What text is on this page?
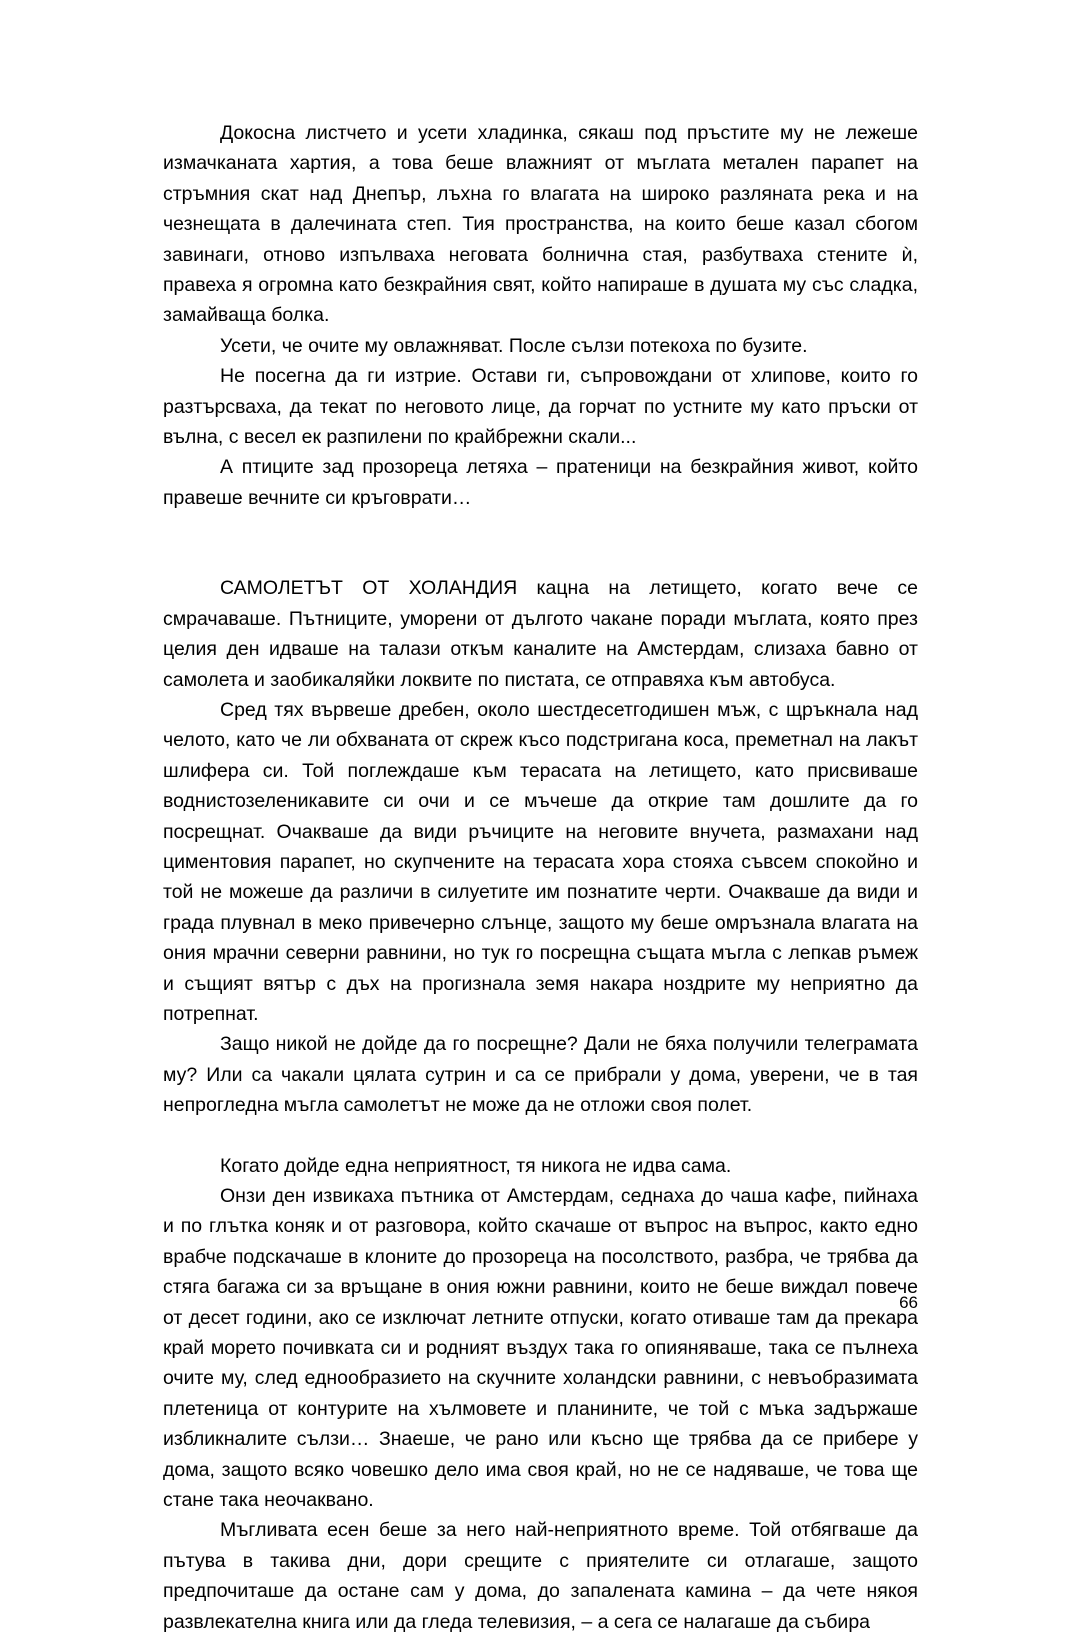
Докосна листчето и усети хладинка, сякаш под пръстите му не лежеше измачканата хартия, а това беше влажният от мъглата метален парапет на стръмния скат над Днепър, лъхна го влагата на широко разляната река и на чезнещата в далечината степ. Тия пространства, на които беше казал сбогом завинаги, отново изпълваха неговата болнична стая, разбутваха стените ѝ, правеха я огромна като безкрайния свят, който напираше в душата му със сладка, замайваща болка.

Усети, че очите му овлажняват. После сълзи потекоха по бузите.

Не посегна да ги изтрие. Остави ги, съпровождани от хлипове, които го разтърсваха, да текат по неговото лице, да горчат по устните му като пръски от вълна, с весел ек разпилени по крайбрежни скали...

А птиците зад прозореца летяха – пратеници на безкрайния живот, който правеше вечните си кръговрати…

САМОЛЕТЪТ ОТ ХОЛАНДИЯ кацна на летището, когато вече се смрачаваше. Пътниците, уморени от дългото чакане поради мъглата, която през целия ден идваше на талази откъм каналите на Амстердам, слизаха бавно от самолета и заобикаляйки локвите по пистата, се отправяха към автобуса.

Сред тях вървеше дребен, около шестдесетгодишен мъж, с щръкнала над челото, като че ли обхваната от скреж късо подстригана коса, преметнал на лакът шлифера си. Той поглеждаше към терасата на летището, като присвиваше воднистозеленикавите си очи и се мъчеше да открие там дошлите да го посрещнат. Очакваше да види ръчиците на неговите внучета, размахани над циментовия парапет, но скупчените на терасата хора стояха съвсем спокойно и той не можеше да различи в силуетите им познатите черти. Очакваше да види и града плувнал в меко привечерно слънце, защото му беше омръзнала влагата на ония мрачни северни равнини, но тук го посрещна същата мъгла с лепкав ръмеж и същият вятър с дъх на прогизнала земя накара ноздрите му неприятно да потрепнат.

Защо никой не дойде да го посрещне? Дали не бяха получили телеграмата му? Или са чакали цялата сутрин и са се прибрали у дома, уверени, че в тая непрогледна мъгла самолетът не може да не отложи своя полет.

Когато дойде една неприятност, тя никога не идва сама.

Онзи ден извикаха пътника от Амстердам, седнаха до чаша кафе, пийнаха и по глътка коняк и от разговора, който скачаше от въпрос на въпрос, както едно врабче подскачаше в клоните до прозореца на посолството, разбра, че трябва да стяга багажа си за връщане в ония южни равнини, които не беше виждал повече от десет години, ако се изключат летните отпуски, когато отиваше там да прекара край морето почивката си и родният въздух така го опияняваше, така се пълнеха очите му, след еднообразието на скучните холандски равнини, с невъобразимата плетеница от контурите на хълмовете и планините, че той с мъка задържаше избликналите сълзи… Знаеше, че рано или късно ще трябва да се прибере у дома, защото всяко човешко дело има своя край, но не се надяваше, че това ще стане така неочаквано.

Мъгливата есен беше за него най-неприятното време. Той отбягваше да пътува в такива дни, дори срещите с приятелите си отлагаше, защото предпочиташе да остане сам у дома, до запалената камина – да чете някоя развлекателна книга или да гледа телевизия, – а сега се налагаше да събира

66
